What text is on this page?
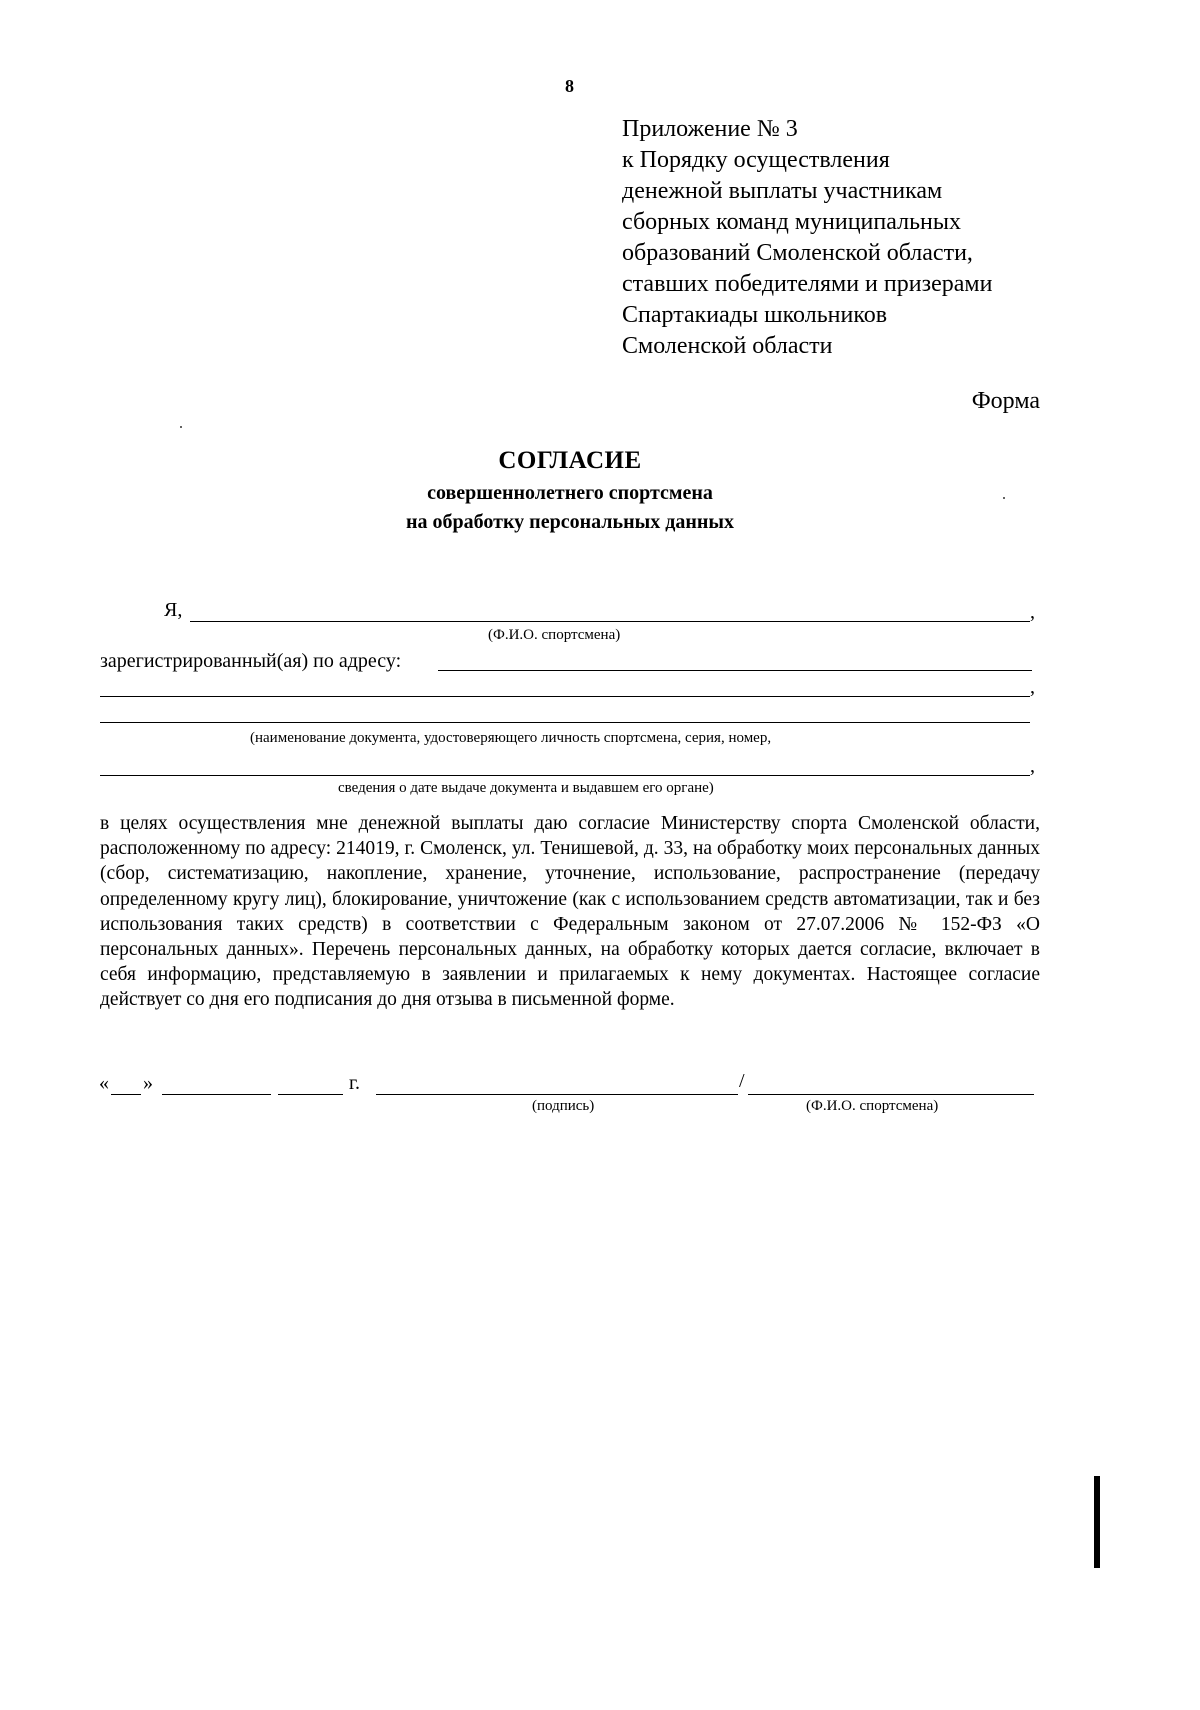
8
Приложение № 3
к Порядку осуществления
денежной выплаты участникам
сборных команд муниципальных
образований Смоленской области,
ставших победителями и призерами
Спартакиады школьников
Смоленской области
Форма
СОГЛАСИЕ
совершеннолетнего спортсмена
на обработку персональных данных
Я,	,
(Ф.И.О. спортсмена)
зарегистрированный(ая) по адресу:
,
(наименование документа, удостоверяющего личность спортсмена, серия, номер,
,
сведения о дате выдаче документа и выдавшем его органе)
в целях осуществления мне денежной выплаты даю согласие Министерству спорта Смоленской области, расположенному по адресу: 214019, г. Смоленск, ул. Тенишевой, д. 33, на обработку моих персональных данных (сбор, систематизацию, накопление, хранение, уточнение, использование, распространение (передачу определенному кругу лиц), блокирование, уничтожение (как с использованием средств автоматизации, так и без использования таких средств) в соответствии с Федеральным законом от 27.07.2006 № 152-ФЗ «О персональных данных». Перечень персональных данных, на обработку которых дается согласие, включает в себя информацию, представляемую в заявлении и прилагаемых к нему документах. Настоящее согласие действует со дня его подписания до дня отзыва в письменной форме.
« »	г.	/
(подпись)	(Ф.И.О. спортсмена)
